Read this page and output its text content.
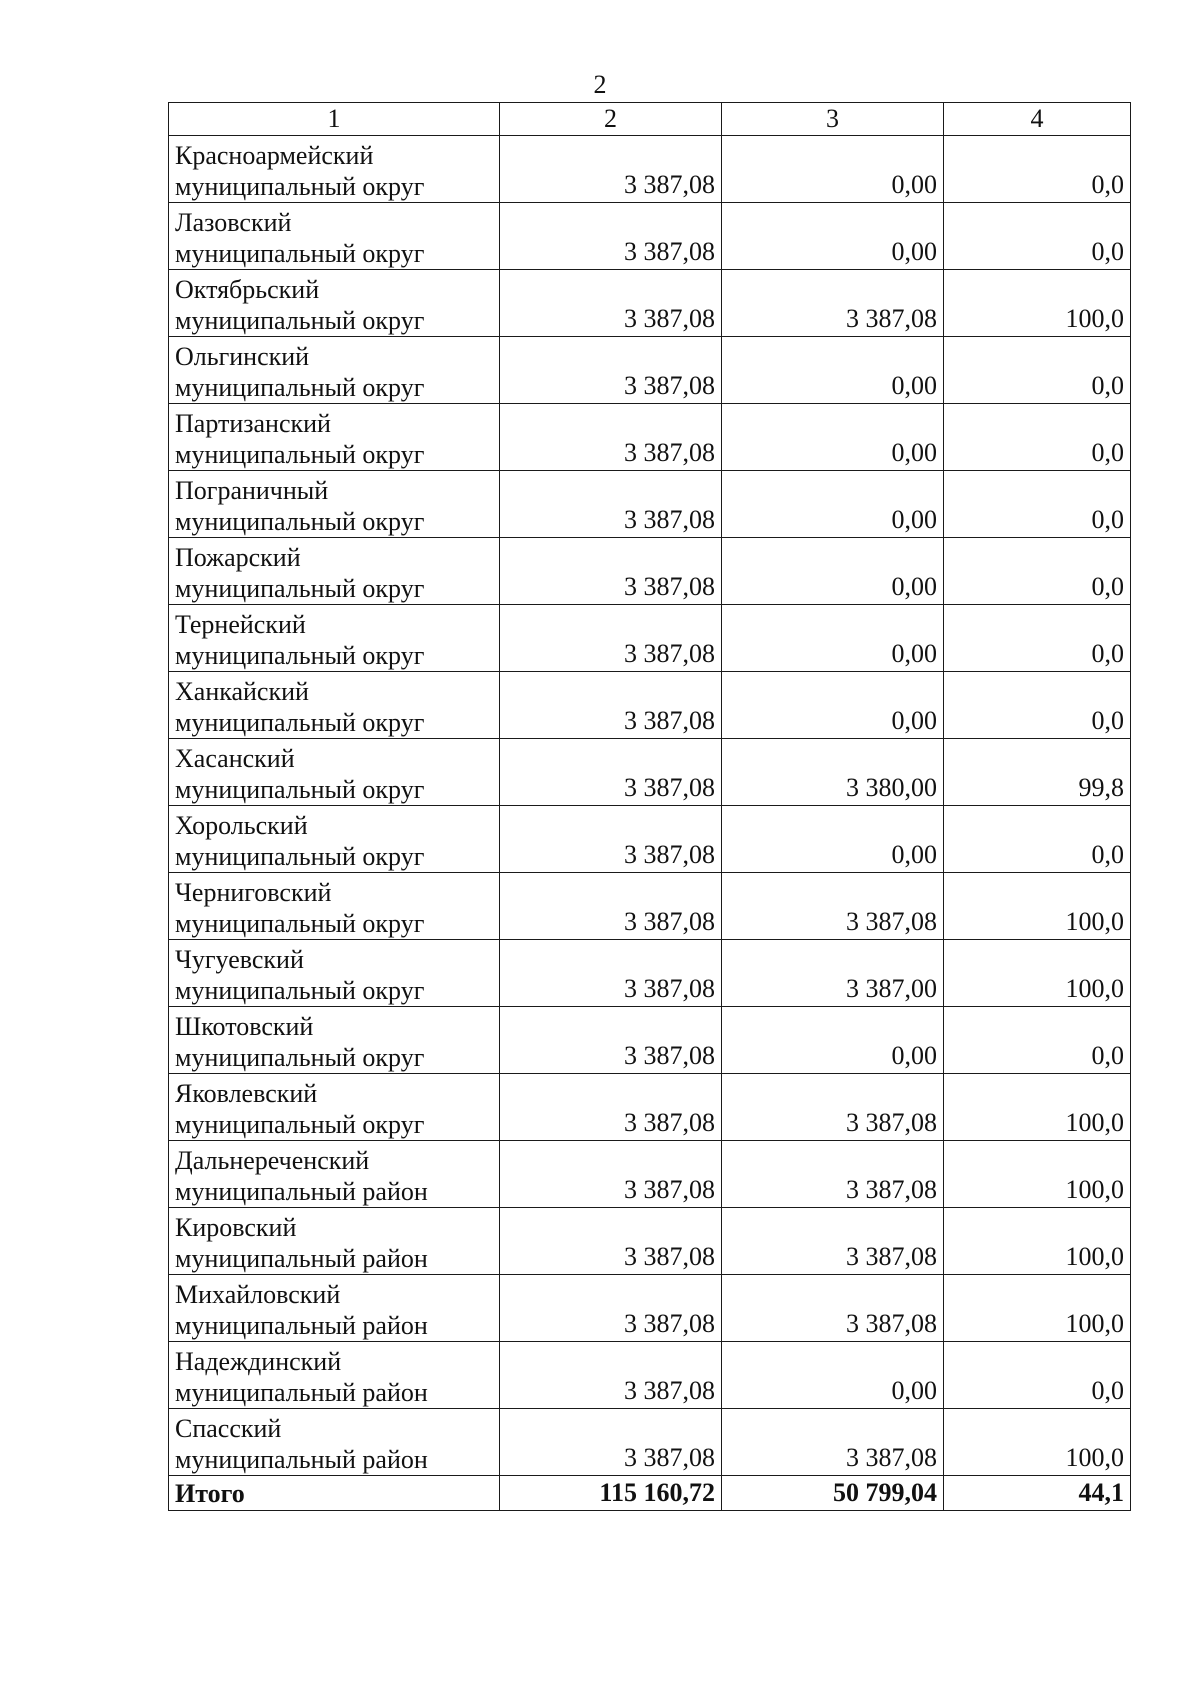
2
1	2	3	4

Красноармейский
муниципальный округ	3 387,08	0,00	0,0

Лазовский
муниципальный округ	3 387,08	0,00	0,0

Октябрьский
муниципальный округ	3 387,08	3 387,08	100,0

Ольгинский
муниципальный округ	3 387,08	0,00	0,0

Партизанский
муниципальный округ	3 387,08	0,00	0,0

Пограничный
муниципальный округ	3 387,08	0,00	0,0

Пожарский
муниципальный округ	3 387,08	0,00	0,0

Тернейский
муниципальный округ	3 387,08	0,00	0,0

Ханкайский
муниципальный округ	3 387,08	0,00	0,0

Хасанский
муниципальный округ	3 387,08	3 380,00	99,8

Хорольский
муниципальный округ	3 387,08	0,00	0,0

Черниговский
муниципальный округ	3 387,08	3 387,08	100,0

Чугуевский
муниципальный округ	3 387,08	3 387,00	100,0

Шкотовский
муниципальный округ	3 387,08	0,00	0,0

Яковлевский
муниципальный округ	3 387,08	3 387,08	100,0

Дальнереченский
муниципальный район	3 387,08	3 387,08	100,0

Кировский
муниципальный район	3 387,08	3 387,08	100,0

Михайловский
муниципальный район	3 387,08	3 387,08	100,0

Надеждинский
муниципальный район	3 387,08	0,00	0,0

Спасский
муниципальный район	3 387,08	3 387,08	100,0
Итого	115 160,72	50 799,04	44,1
